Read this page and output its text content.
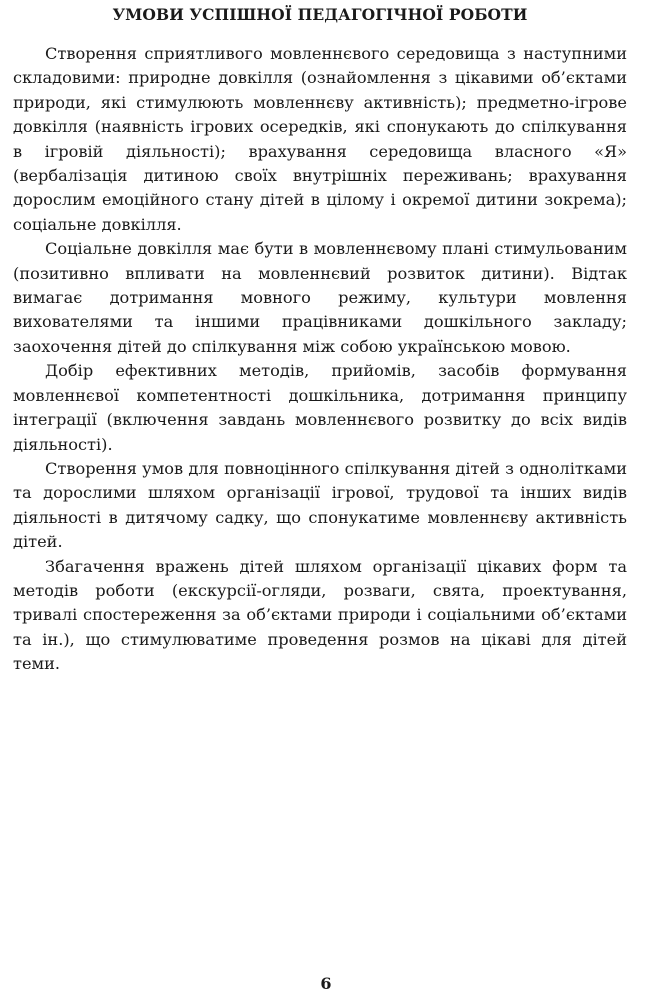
УМОВИ УСПІШНОЇ ПЕДАГОГІЧНОЇ РОБОТИ

Створення сприятливого мовленнєвого середовища з наступними складовими: природне довкілля (ознайомлення з цікавими об’єктами природи, які стимулюють мовленнєву активність); предметно-ігрове довкілля (наявність ігрових осередків, які спонукають до спілкування в ігровій діяльності); врахування середовища власного «Я» (вербалізація дитиною своїх внутрішніх переживань; врахування дорослим емоційного стану дітей в цілому і окремої дитини зокрема); соціальне довкілля.

Соціальне довкілля має бути в мовленнєвому плані стимульованим (позитивно впливати на мовленнєвий розвиток дитини). Відтак вимагає дотримання мовного режиму, культури мовлення вихователями та іншими працівниками дошкільного закладу; заохочення дітей до спілкування між собою українською мовою.

Добір ефективних методів, прийомів, засобів формування мовленнєвої компетентності дошкільника, дотримання принципу інтеграції (включення завдань мовленнєвого розвитку до всіх видів діяльності).

Створення умов для повноцінного спілкування дітей з однолітками та дорослими шляхом організації ігрової, трудової та інших видів діяльності в дитячому садку, що спонукатиме мовленнєву активність дітей.

Збагачення вражень дітей шляхом організації цікавих форм та методів роботи (екскурсії-огляди, розваги, свята, проектування, тривалі спостереження за об’єктами природи і соціальними об’єктами та ін.), що стимулюватиме проведення розмов на цікаві для дітей теми.

6
